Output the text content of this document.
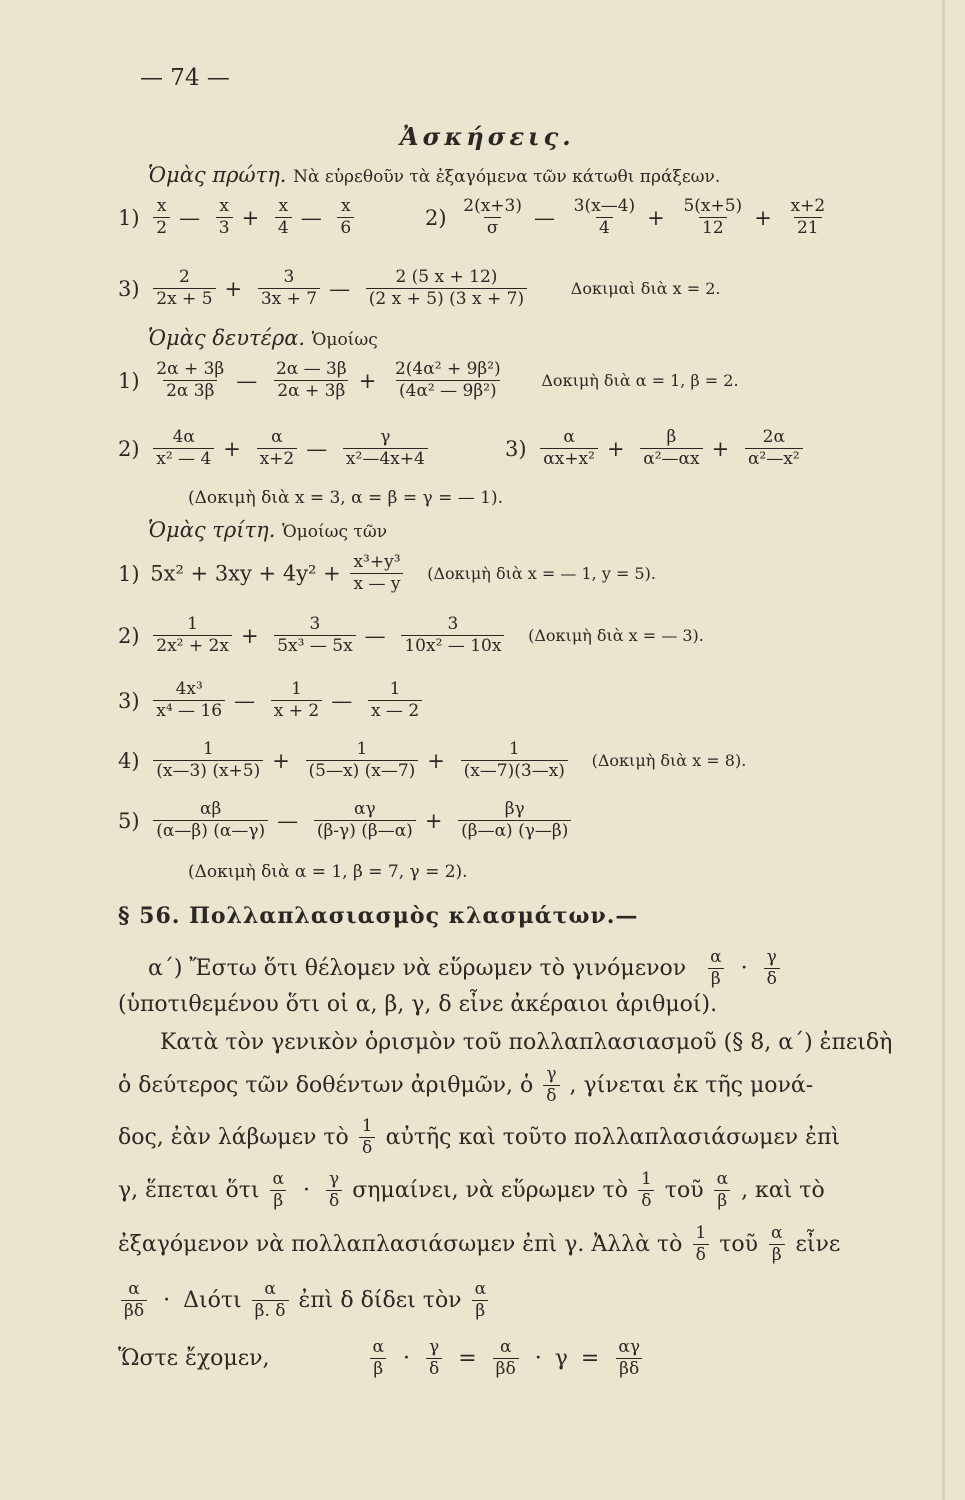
— 74 —
Ἀσκήσεις.
Ὁμὰς πρώτη. Νὰ εὑρεθοῦν τὰ ἐξαγόμενα τῶν κάτωθι πράξεων.
$1) \frac{x}{2}$ — $\frac{x}{3} + \frac{x}{4}$ — $\frac{x}{6}$	$2) \frac{2(x+3)}{\sigma}$ — $\frac{3(x—4)}{4} + \frac{5(x+5)}{12} + \frac{x+2}{21}$
$3) \frac{2}{2x + 5} + \frac{3}{3x + 7}$ — $\frac{2 (5 x + 12)}{(2 x + 5) (3 x + 7)}$	Δοκιμαὶ διὰ x = 2.
Ὁμὰς δευτέρα. Ὁμοίως
$1) \frac{2\alpha + 3\beta}{2\alpha 3\beta}$ — $\frac{2\alpha — 3\beta}{2\alpha + 3\beta} + \frac{\text{2(4α² + 9β²)}}{\text{(4α² — 9β²)}}$ Δοκιμὴ διὰ α = 1, β = 2.
$2) \frac{4\alpha}{\text{x² — 4}} + \frac{\alpha}{x+2}$ — $\frac{\gamma}{\text{x²—4x+4}}$	$3) \frac{\alpha}{\text{αx+x²}} + \frac{\beta}{\text{α²—αx}} + \frac{2\alpha}{\text{α²—x²}}$
(Δοκιμὴ διὰ x = 3, α = β = γ = — 1).
Ὁμὰς τρίτη. Ὁμοίως τῶν
1) $5x^2 + 3xy + 4y^2 + \frac{\text{x³+y³}}{x — y}$ (Δοκιμὴ διὰ x = — 1, y = 5).
$2) \frac{1}{\text{2x² + 2x}} + \frac{3}{\text{5x³ — 5x}}$ — $\frac{3}{\text{10x² — 10x}}$ (Δοκιμὴ διὰ x = — 3).
$3) \frac{\text{4x³}}{\text{x⁴ — 16}}$ — $\frac{1}{x + 2}$ — $\frac{1}{x — 2}$
$4) \frac{1}{(x—3) (x+5)} + \frac{1}{(5—x) (x—7)} + \frac{1}{(x—7)(3—x)}$ (Δοκιμὴ διὰ x = 8).
$5) \frac{\alpha\beta}{(\alpha—\beta) (\alpha—\gamma)}$ — $\frac{\alpha\gamma}{(\beta-\gamma) (\beta—\alpha)} + \frac{\beta\gamma}{(\beta—\alpha) (\gamma—\beta)}$
(Δοκιμὴ διὰ α = 1, β = 7, γ = 2).
§ 56. Πολλαπλασιασμὸς κλασμάτων.—
α΄) Ἔστω ὅτι θέλομεν νὰ εὕρωμεν τὸ γινόμενον $\frac{\alpha}{\beta} \cdot \frac{\gamma}{\delta}$
(ὑποτιθεμένου ὅτι οἱ α, β, γ, δ εἶνε ἀκέραιοι ἀριθμοί).
Κατὰ τὸν γενικὸν ὁρισμὸν τοῦ πολλαπλασιασμοῦ (§ 8, α΄) ἐπειδὴ
ὁ δεύτερος τῶν δοθέντων ἀριθμῶν, ὁ $\frac{\gamma}{\delta}$ , γίνεται ἐκ τῆς μονά-
δος, ἐὰν λάβωμεν τὸ $\frac{1}{\delta}$ αὐτῆς καὶ τοῦτο πολλαπλασιάσωμεν ἐπὶ
γ, ἕπεται ὅτι $\frac{\alpha}{\beta} \cdot \frac{\gamma}{\delta} \sigma\eta\mu\alpha ί\nu\varepsilon\iota$, νὰ εὕρωμεν τὸ $\frac{1}{\delta}$ τοῦ $\frac{\alpha}{\beta}$ , καὶ τὸ
ἐξαγόμενον νὰ πολλαπλασιάσωμεν ἐπὶ γ. Ἀλλὰ τὸ $\frac{1}{\delta}$ τοῦ $\frac{\alpha}{\beta}$ εἶνε
$\frac{\alpha}{\beta\delta} \cdot \Delta\iota ό\tau\iota \frac{\alpha}{\beta. \delta}$ ἐπὶ δ δίδει τὸν $\frac{\alpha}{\beta}$
Ὥστε ἔχομεν,	$\frac{\alpha}{\beta} \cdot \frac{\gamma}{\delta} = \frac{\alpha}{\beta\delta} \cdot \gamma = \frac{\alpha\gamma}{\beta\delta}$
